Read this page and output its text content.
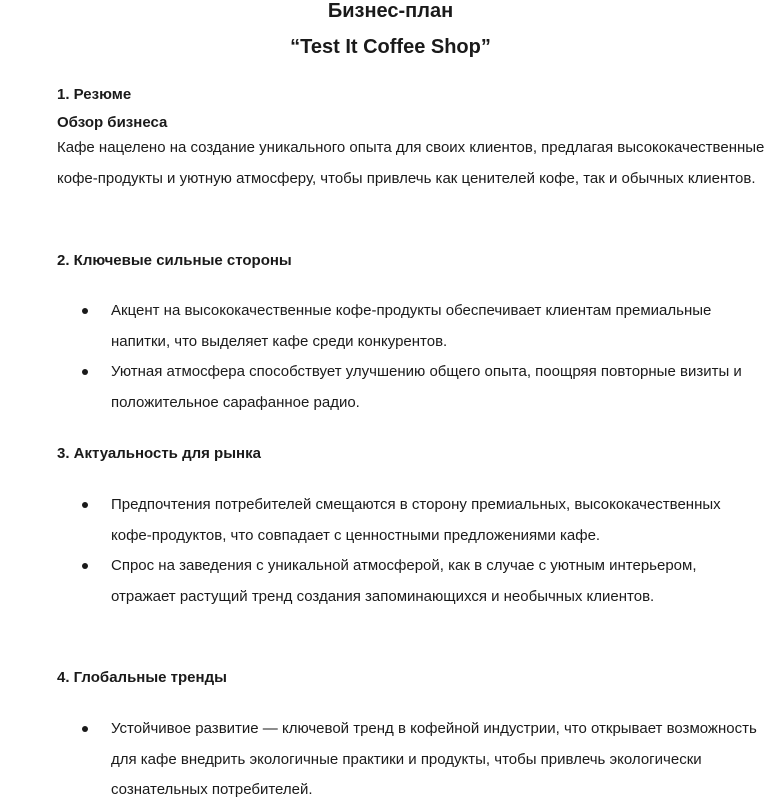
Бизнес-план
“Test It Coffee Shop”
1. Резюме
Обзор бизнеса

Кафе нацелено на создание уникального опыта для своих клиентов, предлагая высококачественные кофе-продукты и уютную атмосферу, чтобы привлечь как ценителей кофе, так и обычных клиентов.

2. Ключевые сильные стороны
Акцент на высококачественные кофе-продукты обеспечивает клиентам премиальные напитки, что выделяет кафе среди конкурентов.
Уютная атмосфера способствует улучшению общего опыта, поощряя повторные визиты и положительное сарафанное радио.
3. Актуальность для рынка
Предпочтения потребителей смещаются в сторону премиальных, высококачественных кофе-продуктов, что совпадает с ценностными предложениями кафе.
Спрос на заведения с уникальной атмосферой, как в случае с уютным интерьером, отражает растущий тренд создания запоминающихся и необычных клиентов.
4. Глобальные тренды
Устойчивое развитие — ключевой тренд в кофейной индустрии, что открывает возможность для кафе внедрить экологичные практики и продукты, чтобы привлечь экологически сознательных потребителей.
